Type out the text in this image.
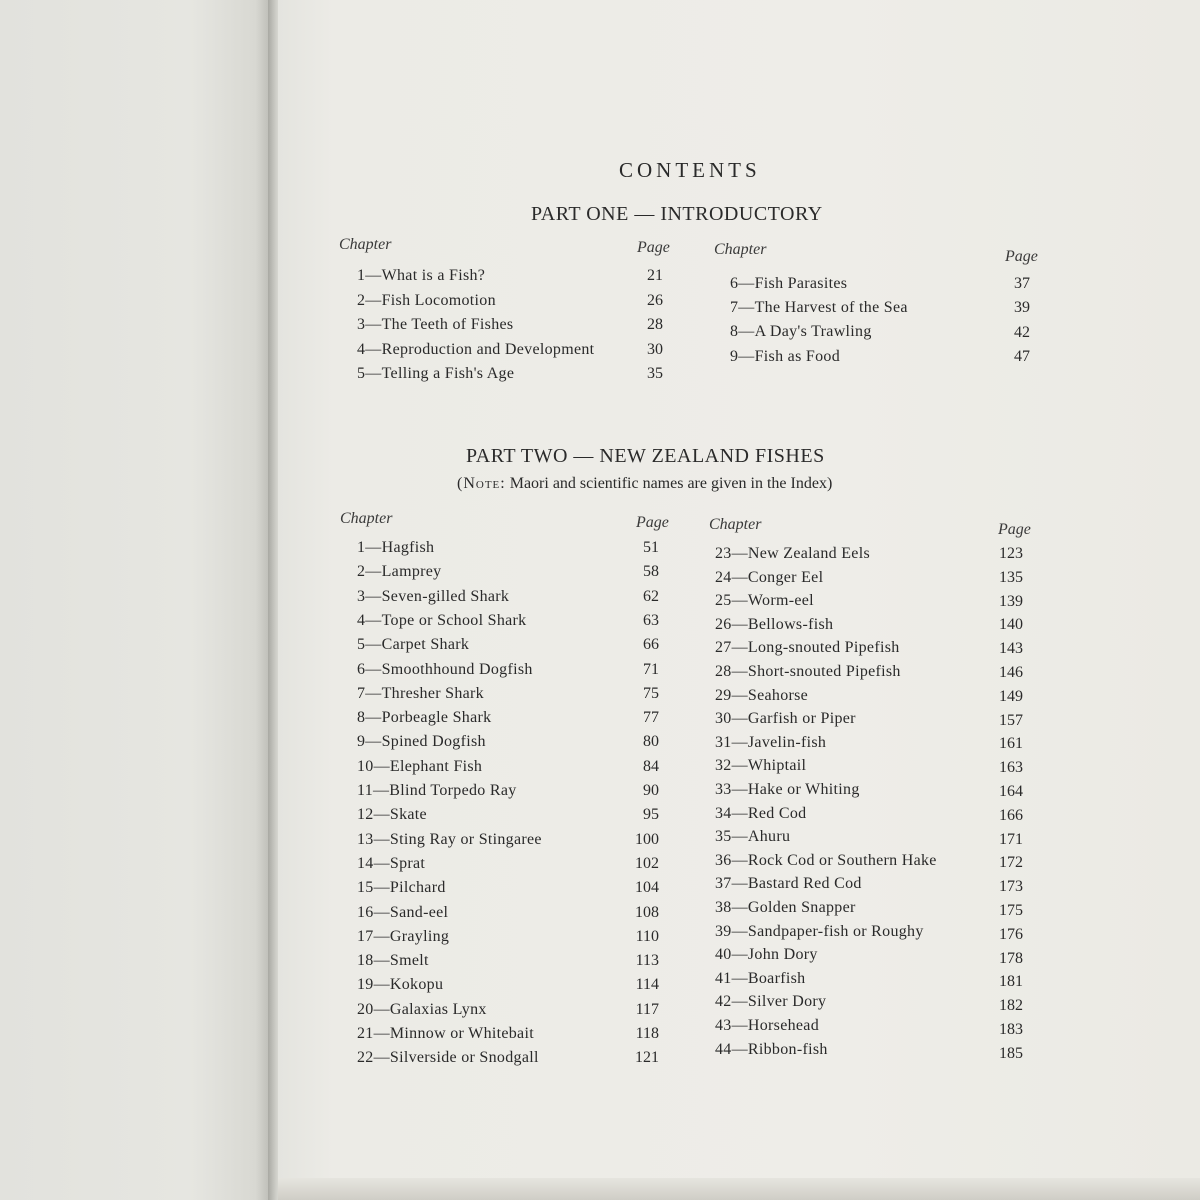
CONTENTS
PART ONE — INTRODUCTORY
Chapter	Page
1—What is a Fish?	21
2—Fish Locomotion	26
3—The Teeth of Fishes	28
4—Reproduction and Development	30
5—Telling a Fish's Age	35
Chapter	Page
6—Fish Parasites	37
7—The Harvest of the Sea	39
8—A Day's Trawling	42
9—Fish as Food	47
PART TWO — NEW ZEALAND FISHES
(Note: Maori and scientific names are given in the Index)
Chapter	Page
1—Hagfish	51
2—Lamprey	58
3—Seven-gilled Shark	62
4—Tope or School Shark	63
5—Carpet Shark	66
6—Smoothhound Dogfish	71
7—Thresher Shark	75
8—Porbeagle Shark	77
9—Spined Dogfish	80
10—Elephant Fish	84
11—Blind Torpedo Ray	90
12—Skate	95
13—Sting Ray or Stingaree	100
14—Sprat	102
15—Pilchard	104
16—Sand-eel	108
17—Grayling	110
18—Smelt	113
19—Kokopu	114
20—Galaxias Lynx	117
21—Minnow or Whitebait	118
22—Silverside or Snodgall	121
Chapter	Page
23—New Zealand Eels	123
24—Conger Eel	135
25—Worm-eel	139
26—Bellows-fish	140
27—Long-snouted Pipefish	143
28—Short-snouted Pipefish	146
29—Seahorse	149
30—Garfish or Piper	157
31—Javelin-fish	161
32—Whiptail	163
33—Hake or Whiting	164
34—Red Cod	166
35—Ahuru	171
36—Rock Cod or Southern Hake	172
37—Bastard Red Cod	173
38—Golden Snapper	175
39—Sandpaper-fish or Roughy	176
40—John Dory	178
41—Boarfish	181
42—Silver Dory	182
43—Horsehead	183
44—Ribbon-fish	185
